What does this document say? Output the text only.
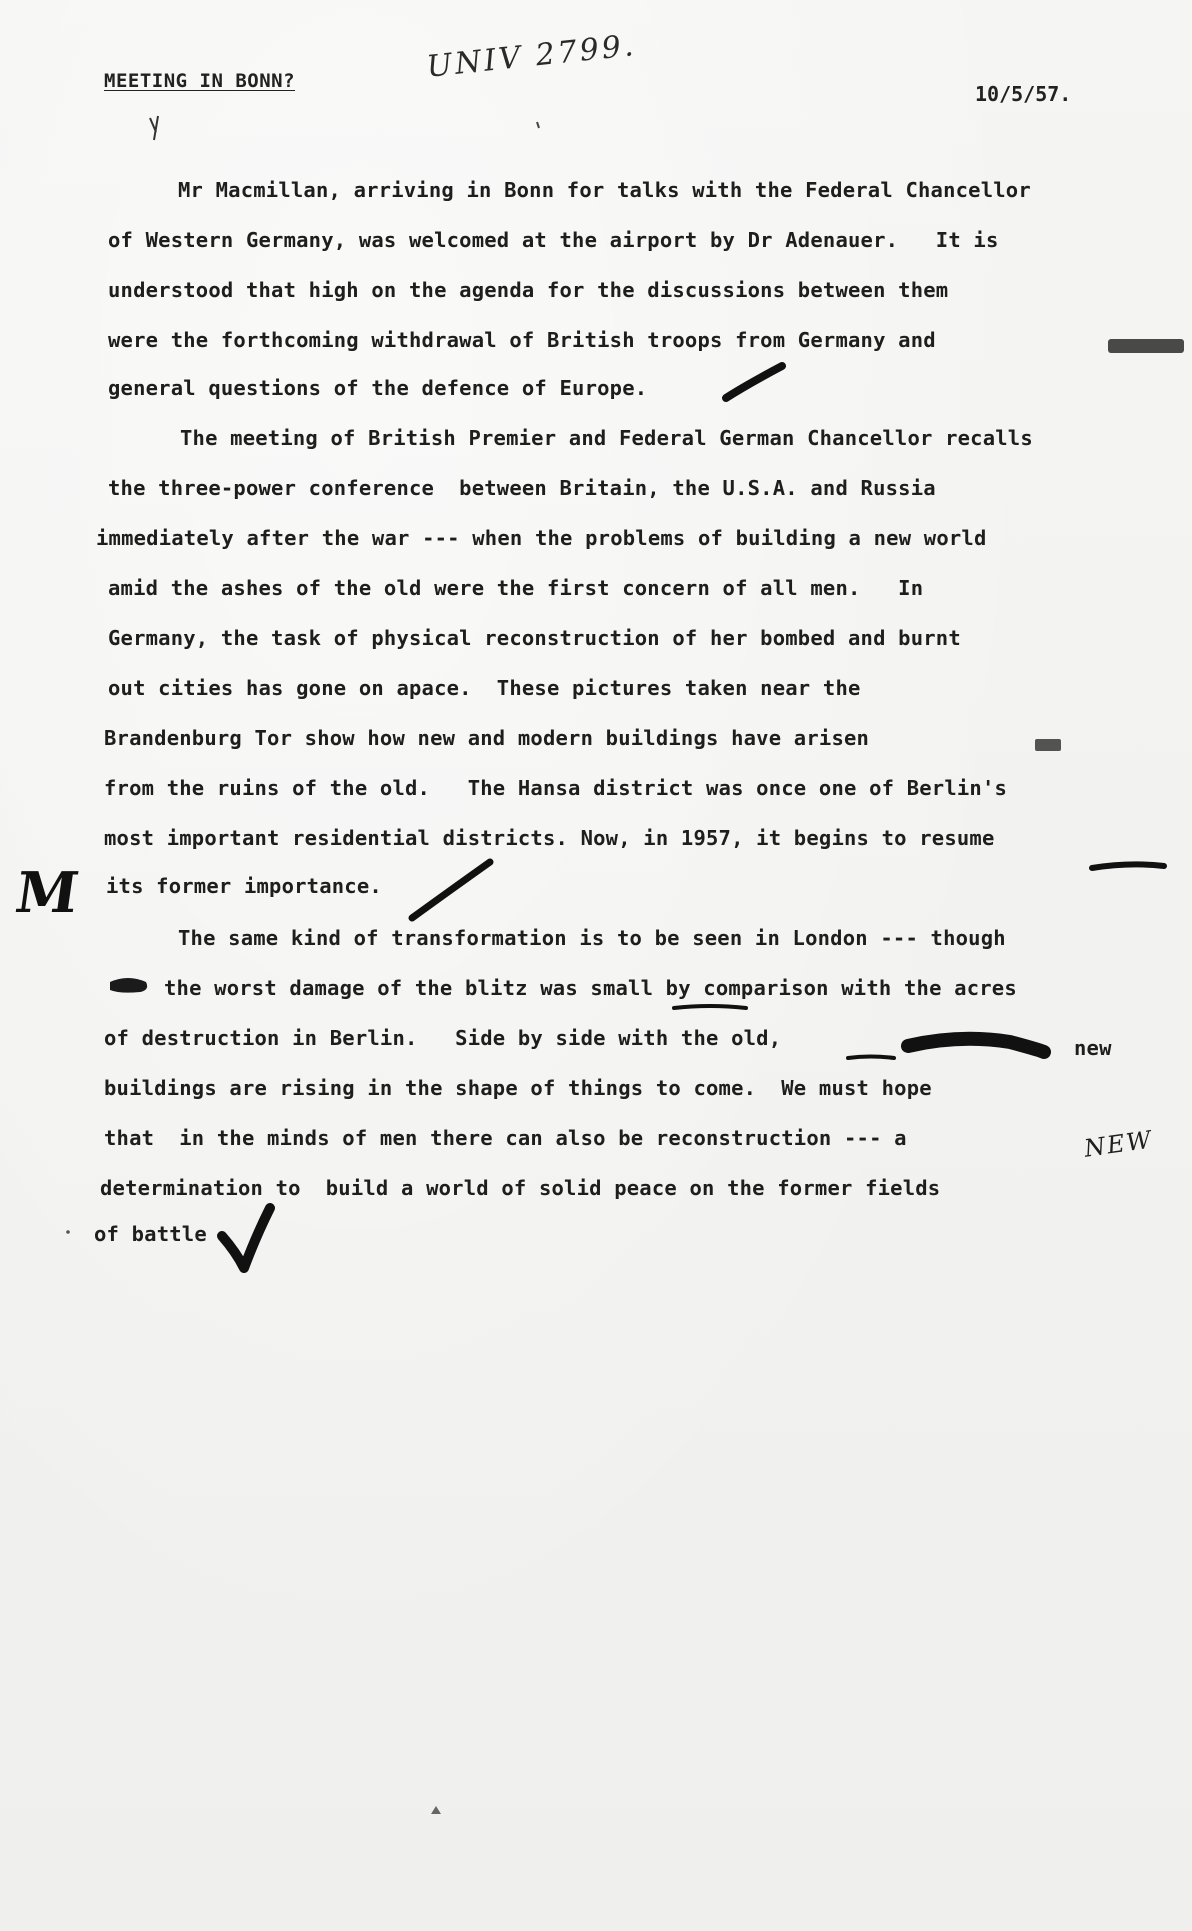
MEETING IN BONN?	UNIV 2799.
10/5/57.
Mr Macmillan, arriving in Bonn for talks with the Federal Chancellor
of Western Germany, was welcomed at the airport by Dr Adenauer.   It is
understood that high on the agenda for the discussions between them
were the forthcoming withdrawal of British troops from Germany and
general questions of the defence of Europe.
The meeting of British Premier and Federal German Chancellor recalls
the three-power conference  between Britain, the U.S.A. and Russia
immediately after the war --- when the problems of building a new world
amid the ashes of the old were the first concern of all men.   In
Germany, the task of physical reconstruction of her bombed and burnt
out cities has gone on apace.  These pictures taken near the
Brandenburg Tor show how new and modern buildings have arisen
from the ruins of the old.   The Hansa district was once one of Berlin's
most important residential districts. Now, in 1957, it begins to resume
its former importance.
The same kind of transformation is to be seen in London --- though
the worst damage of the blitz was small by comparison with the acres
of destruction in Berlin.   Side by side with the old,	new
buildings are rising in the shape of things to come.  We must hope
that  in the minds of men there can also be reconstruction --- a
determination to  build a world of solid peace on the former fields
of battle
M
NEW
